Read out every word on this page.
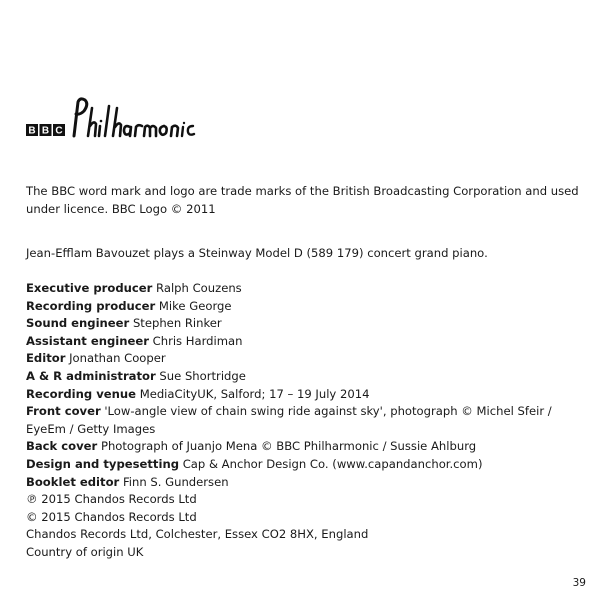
B B C

The BBC word mark and logo are trade marks of the British Broadcasting Corporation and used under licence. BBC Logo © 2011

Jean-Efflam Bavouzet plays a Steinway Model D (589 179) concert grand piano.

Executive producer Ralph Couzens
Recording producer Mike George
Sound engineer Stephen Rinker
Assistant engineer Chris Hardiman
Editor Jonathan Cooper
A & R administrator Sue Shortridge
Recording venue MediaCityUK, Salford; 17 – 19 July 2014
Front cover 'Low-angle view of chain swing ride against sky', photograph © Michel Sfeir / EyeEm / Getty Images
Back cover Photograph of Juanjo Mena © BBC Philharmonic / Sussie Ahlburg
Design and typesetting Cap & Anchor Design Co. (www.capandanchor.com)
Booklet editor Finn S. Gundersen
℗ 2015 Chandos Records Ltd
© 2015 Chandos Records Ltd
Chandos Records Ltd, Colchester, Essex CO2 8HX, England
Country of origin UK
39
